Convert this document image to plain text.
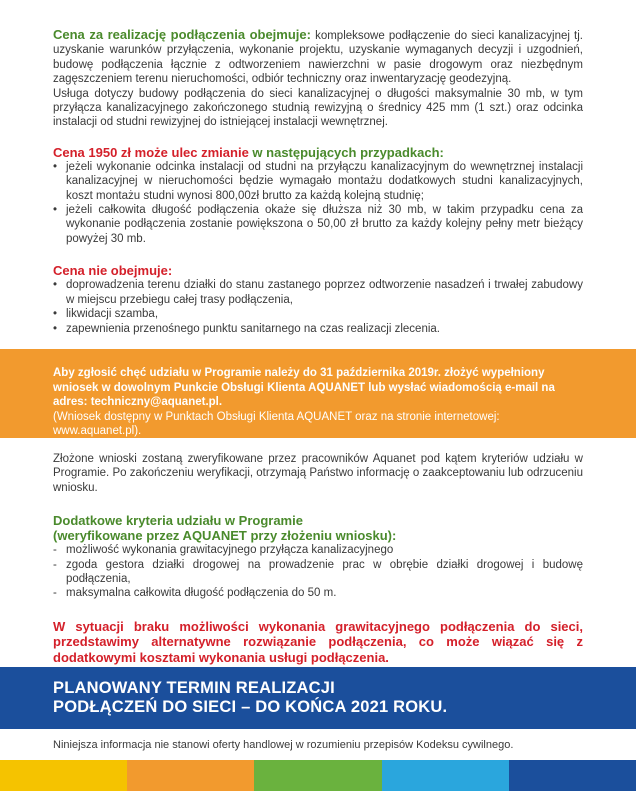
Cena za realizację podłączenia obejmuje: kompleksowe podłączenie do sieci kanalizacyjnej tj. uzyskanie warunków przyłączenia, wykonanie projektu, uzyskanie wymaganych decyzji i uzgodnień, budowę podłączenia łącznie z odtworzeniem nawierzchni w pasie drogowym oraz niezbędnym zagęszczeniem terenu nieruchomości, odbiór techniczny oraz inwentaryzację geodezyjną.

Usługa dotyczy budowy podłączenia do sieci kanalizacyjnej o długości maksymalnie 30 mb, w tym przyłącza kanalizacyjnego zakończonego studnią rewizyjną o średnicy 425 mm (1 szt.) oraz odcinka instalacji od studni rewizyjnej do istniejącej instalacji wewnętrznej.

Cena 1950 zł może ulec zmianie w następujących przypadkach:

• jeżeli wykonanie odcinka instalacji od studni na przyłączu kanalizacyjnym do wewnętrznej instalacji kanalizacyjnej w nieruchomości będzie wymagało montażu dodatkowych studni kanalizacyjnych, koszt montażu studni wynosi 800,00zł brutto za każdą kolejną studnię;
• jeżeli całkowita długość podłączenia okaże się dłuższa niż 30 mb, w takim przypadku cena za wykonanie podłączenia zostanie powiększona o 50,00 zł brutto za każdy kolejny pełny metr bieżący powyżej 30 mb.

Cena nie obejmuje:

• doprowadzenia terenu działki do stanu zastanego poprzez odtworzenie nasadzeń i trwałej zabudowy w miejscu przebiegu całej trasy podłączenia,
• likwidacji szamba,
• zapewnienia przenośnego punktu sanitarnego na czas realizacji zlecenia.
Aby zgłosić chęć udziału w Programie należy do 31 października 2019r. złożyć wypełniony wniosek w dowolnym Punkcie Obsługi Klienta AQUANET lub wysłać wiadomością e-mail na adres: techniczny@aquanet.pl.
(Wniosek dostępny w Punktach Obsługi Klienta AQUANET oraz na stronie internetowej: www.aquanet.pl).

Złożone wnioski zostaną zweryfikowane przez pracowników Aquanet pod kątem kryteriów udziału w Programie. Po zakończeniu weryfikacji, otrzymają Państwo informację o zaakceptowaniu lub odrzuceniu wniosku.

Dodatkowe kryteria udziału w Programie

(weryfikowane przez AQUANET przy złożeniu wniosku):

- możliwość wykonania grawitacyjnego przyłącza kanalizacyjnego
- zgoda gestora działki drogowej na prowadzenie prac w obrębie działki drogowej i budowę podłączenia,
- maksymalna całkowita długość podłączenia do 50 m.

W sytuacji braku możliwości wykonania grawitacyjnego podłączenia do sieci, przedstawimy alternatywne rozwiązanie podłączenia, co może wiązać się z dodatkowymi kosztami wykonania usługi podłączenia.

PLANOWANY TERMIN REALIZACJI

PODŁĄCZEŃ DO SIECI – DO KOŃCA 2021 ROKU.

Niniejsza informacja nie stanowi oferty handlowej w rozumieniu przepisów Kodeksu cywilnego.
